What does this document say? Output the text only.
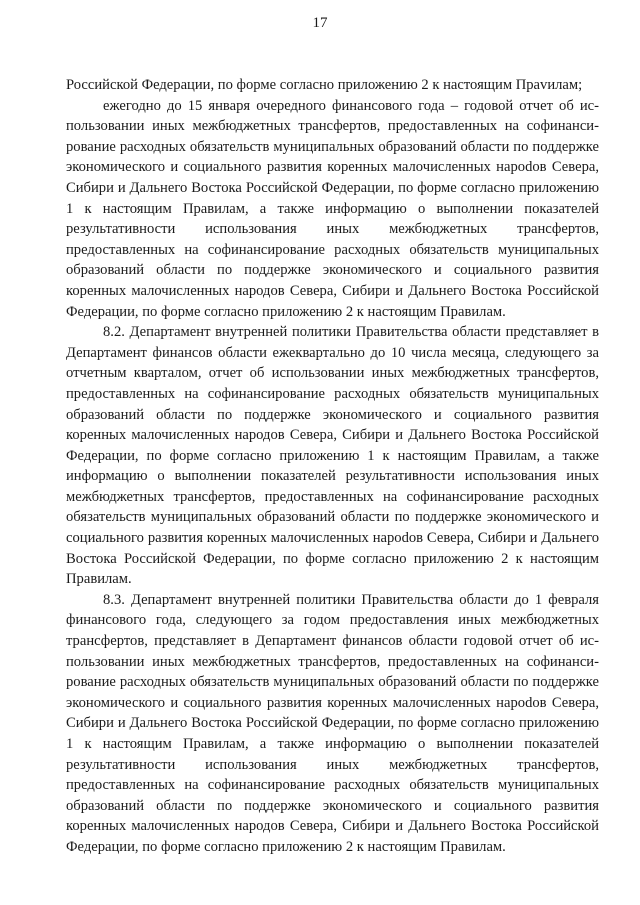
17

Российской Федерации, по форме согласно приложению 2 к настоящим Праvилам;

ежегодно до 15 января очередного финансового года – годовой отчет об использовании иных межбюджетных трансфертов, предоставленных на софинансирование расходных обязательств муниципальных образований области по поддержке экономического и социального развития коренных малочисленных нароdов Севера, Сибири и Дальнего Востока Российской Федерации, по форме согласно приложению 1 к настоящим Правилам, а также информацию о выполнении показателей результативности использования иных межбюджетных трансфертов, предоставленных на софинансирование расходных обязательств муниципальных образований области по поддержке экономического и социального развития коренных малочисленных народов Севера, Сибири и Дальнего Востока Российской Федерации, по форме согласно приложению 2 к настоящим Правилам.

8.2. Департамент внутренней политики Правительства области представляет в Департамент финансов области ежеквартально до 10 числа месяца, следующего за отчетным кварталом, отчет об использовании иных межбюджетных трансфертов, предоставленных на софинансирование расходных обязательств муниципальных образований области по поддержке экономического и социального развития коренных малочисленных народов Севера, Сибири и Дальнего Востока Российской Федерации, по форме согласно приложению 1 к настоящим Правилам, а также информацию о выполнении показателей результативности использования иных межбюджетных трансфертов, предоставленных на софинансирование расходных обязательств муниципальных образований области по поддержке экономического и социального развития коренных малочисленных нароdов Севера, Сибири и Дальнего Востока Российской Федерации, по форме согласно приложению 2 к настоящим Правилам.

8.3. Департамент внутренней политики Правительства области до 1 февраля финансового года, следующего за годом предоставления иных межбюджетных трансфертов, представляет в Департамент финансов области годовой отчет об использовании иных межбюджетных трансфертов, предоставленных на софинансирование расходных обязательств муниципальных образований области по поддержке экономического и социального развития коренных малочисленных нароdов Севера, Сибири и Дальнего Востока Российской Федерации, по форме согласно приложению 1 к настоящим Правилам, а также информацию о выполнении показателей результативности использования иных межбюджетных трансфертов, предоставленных на софинансирование расходных обязательств муниципальных образований области по поддержке экономического и социального развития коренных малочисленных народов Севера, Сибири и Дальнего Востока Российской Федерации, по форме согласно приложению 2 к настоящим Правилам.
